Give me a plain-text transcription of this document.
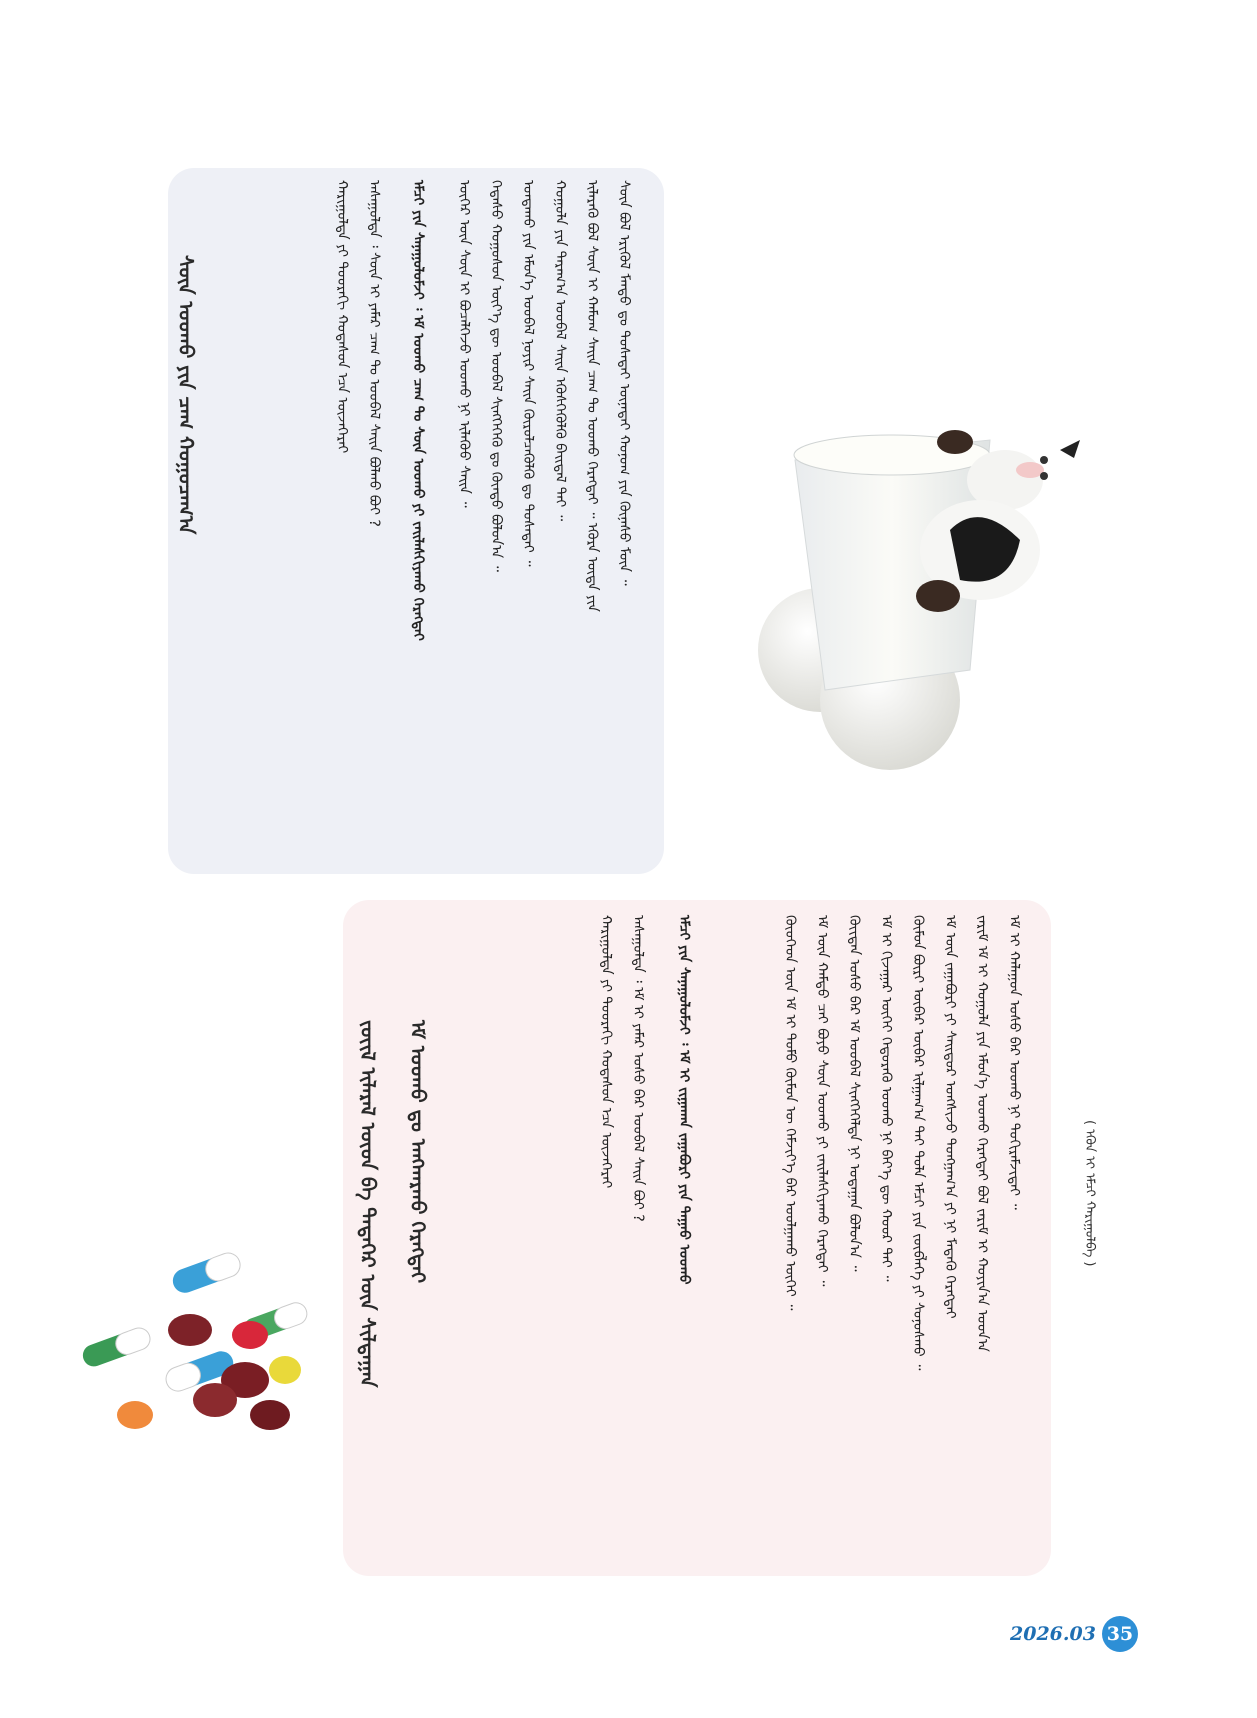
ᠰᠦᠨ ᠤᠤᠬᠤ ᠶᠢᠨ ᠴᠠᠭ ᠬᠤᠭᠤᠴᠠᠭ᠎ᠠ	ᠰᠦᠨ ᠪᠣᠯ ᠡᠷᠢᠭᠦᠯ ᠮᠡᠨᠳᠦ ᠳᠤ ᠲᠤᠰᠠᠲᠠᠢ ᠦᠨᠡᠲᠡᠢ ᠬᠣᠨᠣᠭ ᠶᠢᠨ ᠬᠦᠨᠡᠰᠦ ᠮᠥᠨ ᠃
ᠢᠯᠡᠷᠡᠬᠦ ᠪᠣᠯ ᠰᠦᠨ ᠢ ᠬᠠᠮᠤᠭ ᠰᠠᠢᠨ ᠴᠠᠭ ᠲᠤ ᠤᠤᠬᠤ ᠬᠡᠷᠡᠭᠲᠡᠢ ᠃ ᠡᠭᠦᠷᠡ ᠦᠳᠡ ᠶᠢᠨ
ᠬᠣᠭᠣᠯᠠ ᠶᠢᠨ ᠳᠠᠷᠠᠭ᠎ᠠ ᠤᠤᠪᠠᠯ ᠰᠠᠢᠨ ᠡᠭᠦᠰᠬᠡᠭᠦᠯᠬᠦ ᠪᠠᠢᠳᠠᠯ ᠲᠠᠢ ᠃
ᠤᠨᠲᠠᠬᠤ ᠶᠢᠨ ᠡᠮᠦᠨ᠎ᠡ ᠤᠤᠪᠠᠯ ᠨᠣᠶᠢᠷ ᠰᠠᠢᠨ ᠬᠦᠷᠦᠯᠴᠡᠭᠦᠯᠬᠦ ᠳᠤ ᠲᠤᠰᠠᠲᠠᠢ ᠃
ᠭᠡᠳᠡᠰᠦ ᠬᠣᠭᠣᠰᠣᠨ ᠦᠶ᠎ᠡ ᠳᠦ ᠤᠤᠪᠠᠯ ᠰᠢᠩᠭᠡᠭᠡᠬᠦ ᠳᠤ ᠬᠦᠨᠳᠦ ᠪᠣᠯᠤᠨ᠎ᠠ ᠃
ᠦᠬᠡᠷ ᠦᠨ ᠰᠦᠨ ᠢ ᠪᠤᠴᠡᠯᠭᠡᠵᠦ ᠤᠤᠬᠤ ᠨᠢ ᠢᠯᠡᠭᠦᠦ ᠰᠠᠢᠨ ᠃
ᠡᠮᠴᠢ ᠶᠢᠨ ᠰᠠᠨᠠᠭᠤᠯᠤᠮᠵᠢ ᠄ ᠡᠮ ᠤᠤᠬᠤ ᠴᠠᠭ ᠲᠤ ᠰᠦᠨ ᠤᠤᠬᠤ ᠶᠢ ᠵᠠᠢᠯᠠᠰᠬᠢᠶᠠᠬᠤ ᠬᠡᠷᠡᠭᠲᠡᠢ
ᠠᠰᠠᠭᠤᠯᠲᠠ ᠄ ᠰᠦᠨ ᠢ ᠶᠠᠮᠠᠷ ᠴᠠᠭ ᠲᠤ ᠤᠤᠪᠠᠯ ᠰᠠᠢᠨ ᠪᠣᠯᠬᠤ ᠪᠤᠢ ?
ᠬᠠᠷᠢᠭᠤᠯᠲᠠ ᠶᠢ ᠳᠣᠣᠷᠠᠬᠢ ᠬᠤᠳᠠᠰᠤᠨ ᠡᠴᠡ ᠦᠵᠡᠭᠡᠷᠡᠢ
ᠡᠮ ᠤᠤᠬᠤ ᠳᠤ ᠠᠩᠬᠠᠷᠬᠤ ᠬᠡᠷᠡᠭᠲᠡᠢ
ᠵᠦᠢᠯ ᠢᠯᠡᠷᠡᠯ ᠦᠳ ᠪᠠ ᠲᠡᠳᠡᠭᠡᠷ ᠦᠨ ᠰᠢᠯᠲᠠᠭᠠᠨ	ᠡᠮ ᠢ ᠬᠠᠯᠠᠭᠤᠨ ᠤᠰᠤ ᠪᠠᠷ ᠤᠤᠬᠤ ᠨᠢ ᠲᠣᠬᠢᠷᠠᠮᠵᠢᠲᠠᠢ ᠃
ᠵᠠᠷᠢᠮ ᠡᠮ ᠢ ᠬᠣᠭᠣᠯᠠ ᠶᠢᠨ ᠡᠮᠦᠨ᠎ᠡ ᠤᠤᠬᠤ ᠬᠡᠷᠡᠭᠲᠡᠢ ᠪᠣᠯ ᠵᠠᠷᠢᠮ ᠢ ᠬᠣᠶᠢᠨ᠎ᠠ ᠤᠤᠨ᠎ᠠ
ᠡᠮ ᠦᠨ ᠵᠠᠭᠠᠪᠤᠷᠢ ᠶᠢ ᠰᠠᠢᠲᠤᠷ ᠤᠩᠰᠢᠵᠤ ᠲᠤᠩᠭᠠᠭ᠎ᠠ ᠶᠢ ᠨᠢ ᠮᠡᠳᠡᠬᠦ ᠬᠡᠷᠡᠭᠲᠡᠢ
ᠬᠦᠮᠦᠨ ᠪᠦᠷᠢ ᠦᠪᠡᠷ ᠦᠪᠡᠷ ᠢᠯᠭᠠᠭ᠎ᠠ ᠲᠠᠢ ᠲᠤᠯᠠ ᠡᠮᠴᠢ ᠶᠢᠨ ᠵᠦᠪᠯᠡᠭᠡ ᠶᠢ ᠰᠣᠨᠣᠰᠬᠤ ᠃
ᠡᠮ ᠢ ᠬᠢᠵᠠᠭᠠᠷ ᠦᠭᠡᠢ ᠬᠡᠲᠦᠷᠡᠭᠦ ᠤᠤᠬᠤ ᠨᠢ ᠪᠡᠶ᠎ᠡ ᠳᠦ ᠬᠣᠣᠷ ᠲᠠᠢ ᠃
ᠬᠦᠢᠲᠡᠨ ᠤᠰᠤ ᠪᠠᠷ ᠡᠮ ᠤᠤᠪᠠᠯ ᠰᠢᠩᠭᠡᠭᠡᠯᠲᠡ ᠨᠢ ᠤᠳᠠᠭᠠᠨ ᠪᠣᠯᠤᠨ᠎ᠠ ᠃
ᠡᠮ ᠦᠨ ᠬᠠᠮᠲᠤ ᠴᠠᠢ ᠪᠤᠶᠤ ᠰᠦᠨ ᠤᠤᠬᠤ ᠶᠢ ᠵᠠᠢᠯᠠᠰᠬᠢᠶᠠᠬᠤ ᠬᠡᠷᠡᠭᠲᠡᠢ ᠃
ᠬᠦᠦᠬᠡᠳ ᠦᠨ ᠡᠮ ᠢ ᠲᠣᠮᠣ ᠬᠦᠮᠦᠨ ᠦ ᠬᠡᠮᠵᠢᠶ᠎ᠡ ᠪᠠᠷ ᠤᠤᠯᠭᠠᠬᠤ ᠦᠭᠡᠢ ᠃
ᠡᠮᠴᠢ ᠶᠢᠨ ᠰᠠᠨᠠᠭᠤᠯᠤᠮᠵᠢ ᠄ ᠡᠮ ᠢ ᠵᠢᠭᠠᠬᠠᠨ ᠵᠠᠭᠠᠪᠤᠷᠢ ᠶᠢᠨ ᠳᠠᠭᠠᠤ ᠤᠤᠬᠤ
ᠠᠰᠠᠭᠤᠯᠲᠠ ᠄ ᠡᠮ ᠢ ᠶᠠᠮᠠᠷ ᠤᠰᠤ ᠪᠠᠷ ᠤᠤᠪᠠᠯ ᠰᠠᠢᠨ ᠪᠤᠢ ?
ᠬᠠᠷᠢᠭᠤᠯᠲᠠ ᠶᠢ ᠳᠣᠣᠷᠠᠬᠢ ᠬᠤᠳᠠᠰᠤᠨ ᠡᠴᠡ ᠦᠵᠡᠭᠡᠷᠡᠢ
( ᠡᠭᠦᠨ ᠢ ᠡᠮᠴᠢ ᠬᠠᠷᠢᠭᠤᠯᠪᠠ )
2026.03 35
